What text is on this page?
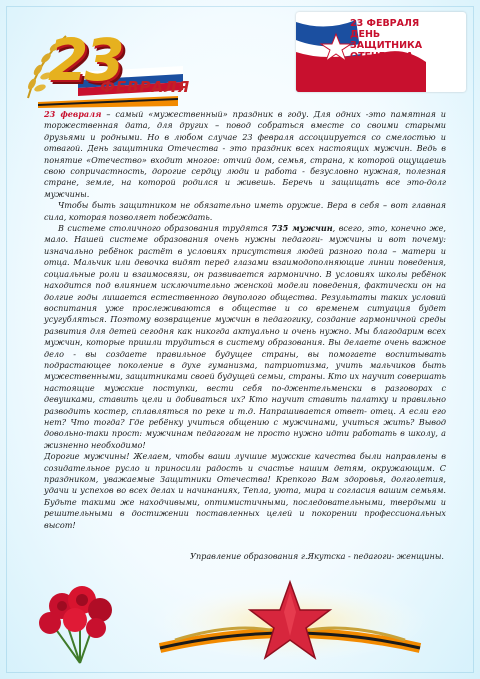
23
ФЕВРАЛЯ
23 ФЕВРАЛЯ
ДЕНЬ
ЗАЩИТНИКА
ОТЕЧЕСТВА

23 февраля – самый «мужественный» праздник в году. Для одних -это памятная и торжественная дата, для других – повод собраться вместе со своими старыми друзьями и родными. Но в любом случае 23 февраля ассоциируется со смелостью и отвагой. День защитника Отечества - это праздник всех настоящих мужчин. Ведь в понятие «Отечество» входит многое: отчий дом, семья, страна, к которой ощущаешь свою сопричастность, дорогие сердцу люди и работа - безусловно нужная, полезная стране, земле, на которой родился и живешь. Беречь и защищать все это-долг мужчины.

Чтобы быть защитником не обязательно иметь оружие. Вера в себя – вот главная сила, которая позволяет побеждать.

В системе столичного образования трудятся 735 мужчин, всего, это, конечно же, мало. Нашей системе образования очень нужны педагоги- мужчины и вот почему: изначально ребёнок растёт в условиях присутствия людей разного пола – матери и отца. Мальчик или девочка видят перед глазами взаимодополняющие линии поведения, социальные роли и взаимосвязи, он развивается гармонично. В условиях школы ребёнок находится под влиянием исключительно женской модели поведения, фактически он на долгие годы лишается естественного двуполого общества. Результаты таких условий воспитания уже прослеживаются в обществе и со временем ситуация будет усугубляться. Поэтому возвращение мужчин в педагогику, создание гармоничной среды развития для детей сегодня как никогда актуально и очень нужно. Мы благодарим всех мужчин, которые пришли трудиться в систему образования. Вы делаете очень важное дело - вы создаете правильное будущее страны, вы помогаете воспитывать подрастающее поколение в духе гуманизма, патриотизма, учить мальчиков быть мужественными, защитниками своей будущей семьи, страны. Кто их научит совершать настоящие мужские поступки, вести себя по-джентельменски в разговорах с девушками, ставить цели и добиваться их? Кто научит ставить палатку и правильно разводить костер, сплавляться по реке и т.д. Напрашивается ответ- отец. А если его нет? Что тогда? Где ребёнку учиться общению с мужчинами, учиться жить? Вывод довольно-таки прост: мужчинам педагогам не просто нужно идти работать в школу, а жизненно необходимо!

Дорогие мужчины! Желаем, чтобы ваши лучшие мужские качества были направлены в созидательное русло и приносили радость и счастье нашим детям, окружающим. С праздником, уважаемые Защитники Отечества! Крепкого Вам здоровья, долголетия, удачи и успехов во всех делах и начинаниях, Тепла, уюта, мира и согласия вашим семьям. Будьте такими же находчивыми, оптимистичными, последовательными, твердыми и решительными в достижении поставленных целей и покорении профессиональных высот!

Управление образования г.Якутска - педагоги- женщины.
